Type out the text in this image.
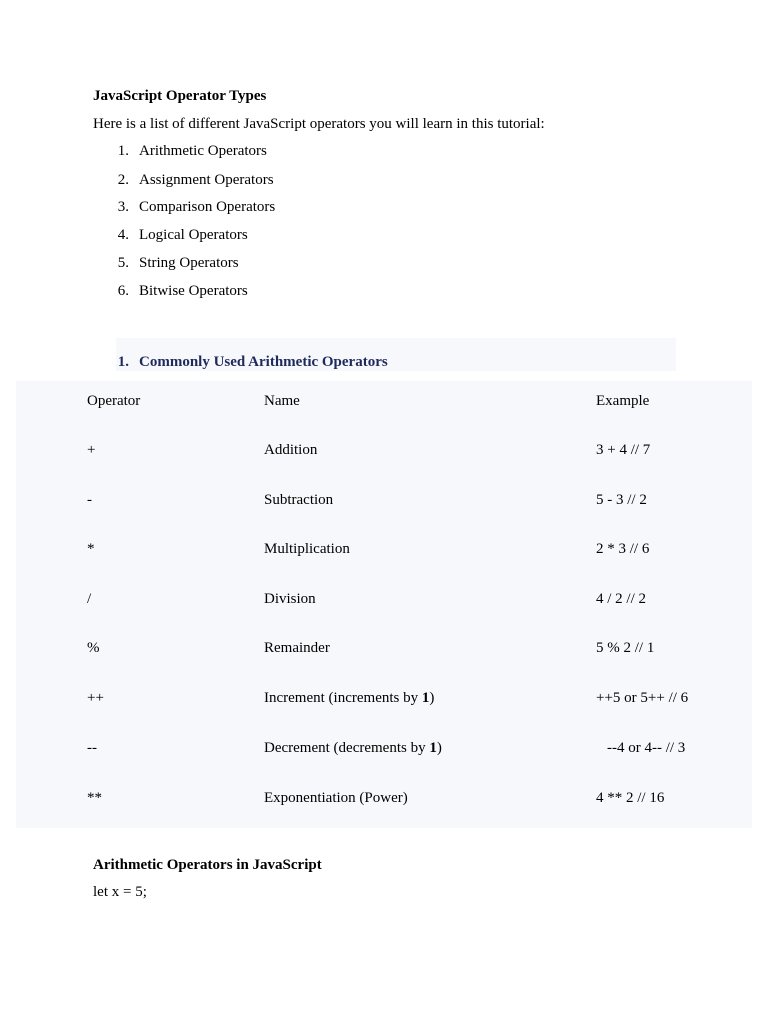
JavaScript Operator Types
Here is a list of different JavaScript operators you will learn in this tutorial:
1. Arithmetic Operators
2. Assignment Operators
3. Comparison Operators
4. Logical Operators
5. String Operators
6. Bitwise Operators
1. Commonly Used Arithmetic Operators
Operator	Name	Example
+	Addition	3 + 4 // 7
-	Subtraction	5 - 3 // 2
*	Multiplication	2 * 3 // 6
/	Division	4 / 2 // 2
%	Remainder	5 % 2 // 1
++	Increment (increments by 1)	++5 or 5++ // 6
--	Decrement (decrements by 1)	--4 or 4-- // 3
**	Exponentiation (Power)	4 ** 2 // 16
Arithmetic Operators in JavaScript
let x = 5;
